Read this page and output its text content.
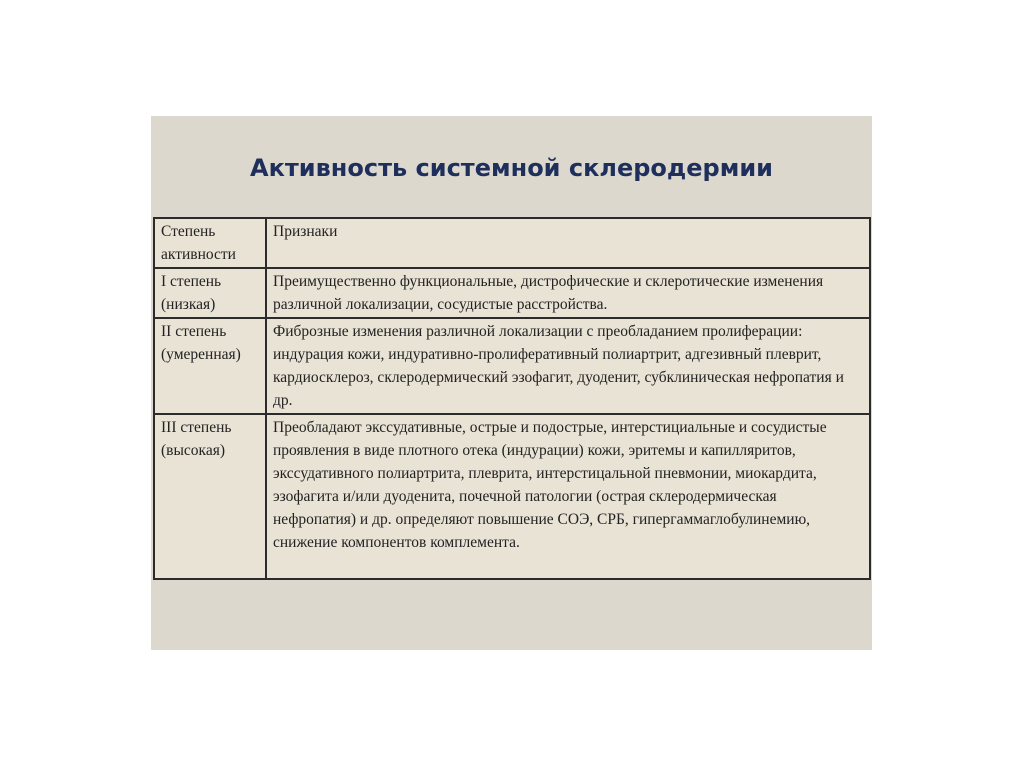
Активность системной склеродермии
Степень активности	Признаки
I степень (низкая)	Преимущественно функциональные, дистрофические и склеротические изменения различной локализации, сосудистые расстройства.
II степень (умеренная)	Фиброзные изменения различной локализации с преобладанием пролиферации: индурация кожи, индуративно-пролиферативный полиартрит, адгезивный плеврит, кардиосклероз, склеродермический эзофагит, дуоденит, субклиническая нефропатия и др.
III степень (высокая)	Преобладают экссудативные, острые и подострые, интерстициальные и сосудистые проявления в виде плотного отека (индурации) кожи, эритемы и капилляритов, экссудативного полиартрита, плеврита, интерстицальной пневмонии, миокардита, эзофагита и/или дуоденита, почечной патологии (острая склеродермическая нефропатия) и др. определяют повышение СОЭ, СРБ, гипергаммаглобулинемию, снижение компонентов комплемента.
